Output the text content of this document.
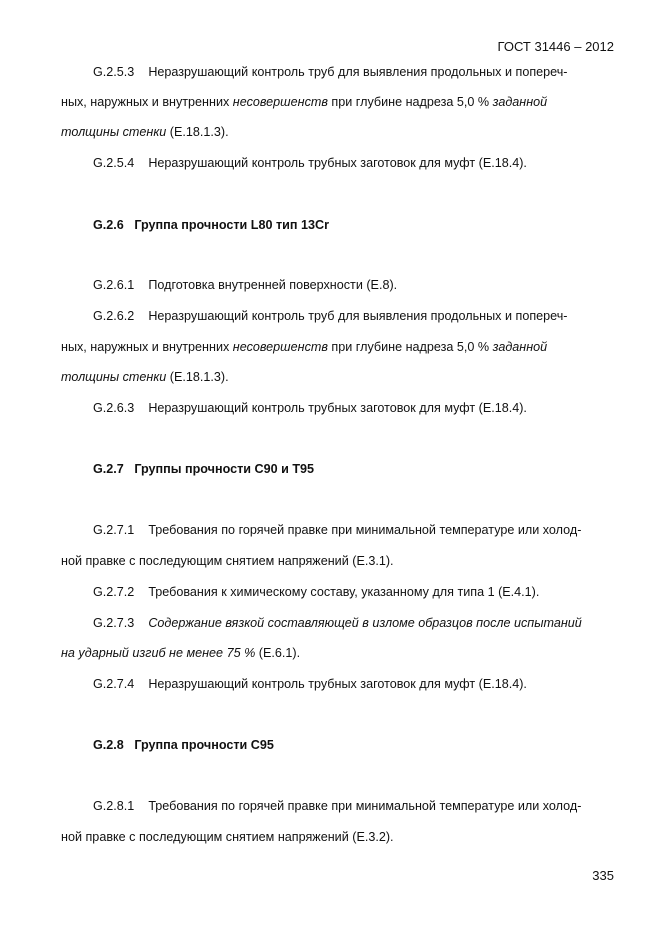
ГОСТ 31446 – 2012
G.2.5.3 Неразрушающий контроль труб для выявления продольных и попереч-
ных, наружных и внутренних несовершенств при глубине надреза 5,0 % заданной
толщины стенки (E.18.1.3).
G.2.5.4 Неразрушающий контроль трубных заготовок для муфт (E.18.4).
G.2.6 Группа прочности L80 тип 13Cr
G.2.6.1 Подготовка внутренней поверхности (E.8).
G.2.6.2 Неразрушающий контроль труб для выявления продольных и попереч-
ных, наружных и внутренних несовершенств при глубине надреза 5,0 % заданной
толщины стенки (E.18.1.3).
G.2.6.3 Неразрушающий контроль трубных заготовок для муфт (E.18.4).
G.2.7 Группы прочности C90 и T95
G.2.7.1 Требования по горячей правке при минимальной температуре или холод-
ной правке с последующим снятием напряжений (E.3.1).
G.2.7.2 Требования к химическому составу, указанному для типа 1 (E.4.1).
G.2.7.3 Содержание вязкой составляющей в изломе образцов после испытаний
на ударный изгиб не менее 75 % (E.6.1).
G.2.7.4 Неразрушающий контроль трубных заготовок для муфт (E.18.4).
G.2.8 Группа прочности C95
G.2.8.1 Требования по горячей правке при минимальной температуре или холод-
ной правке с последующим снятием напряжений (E.3.2).
335
